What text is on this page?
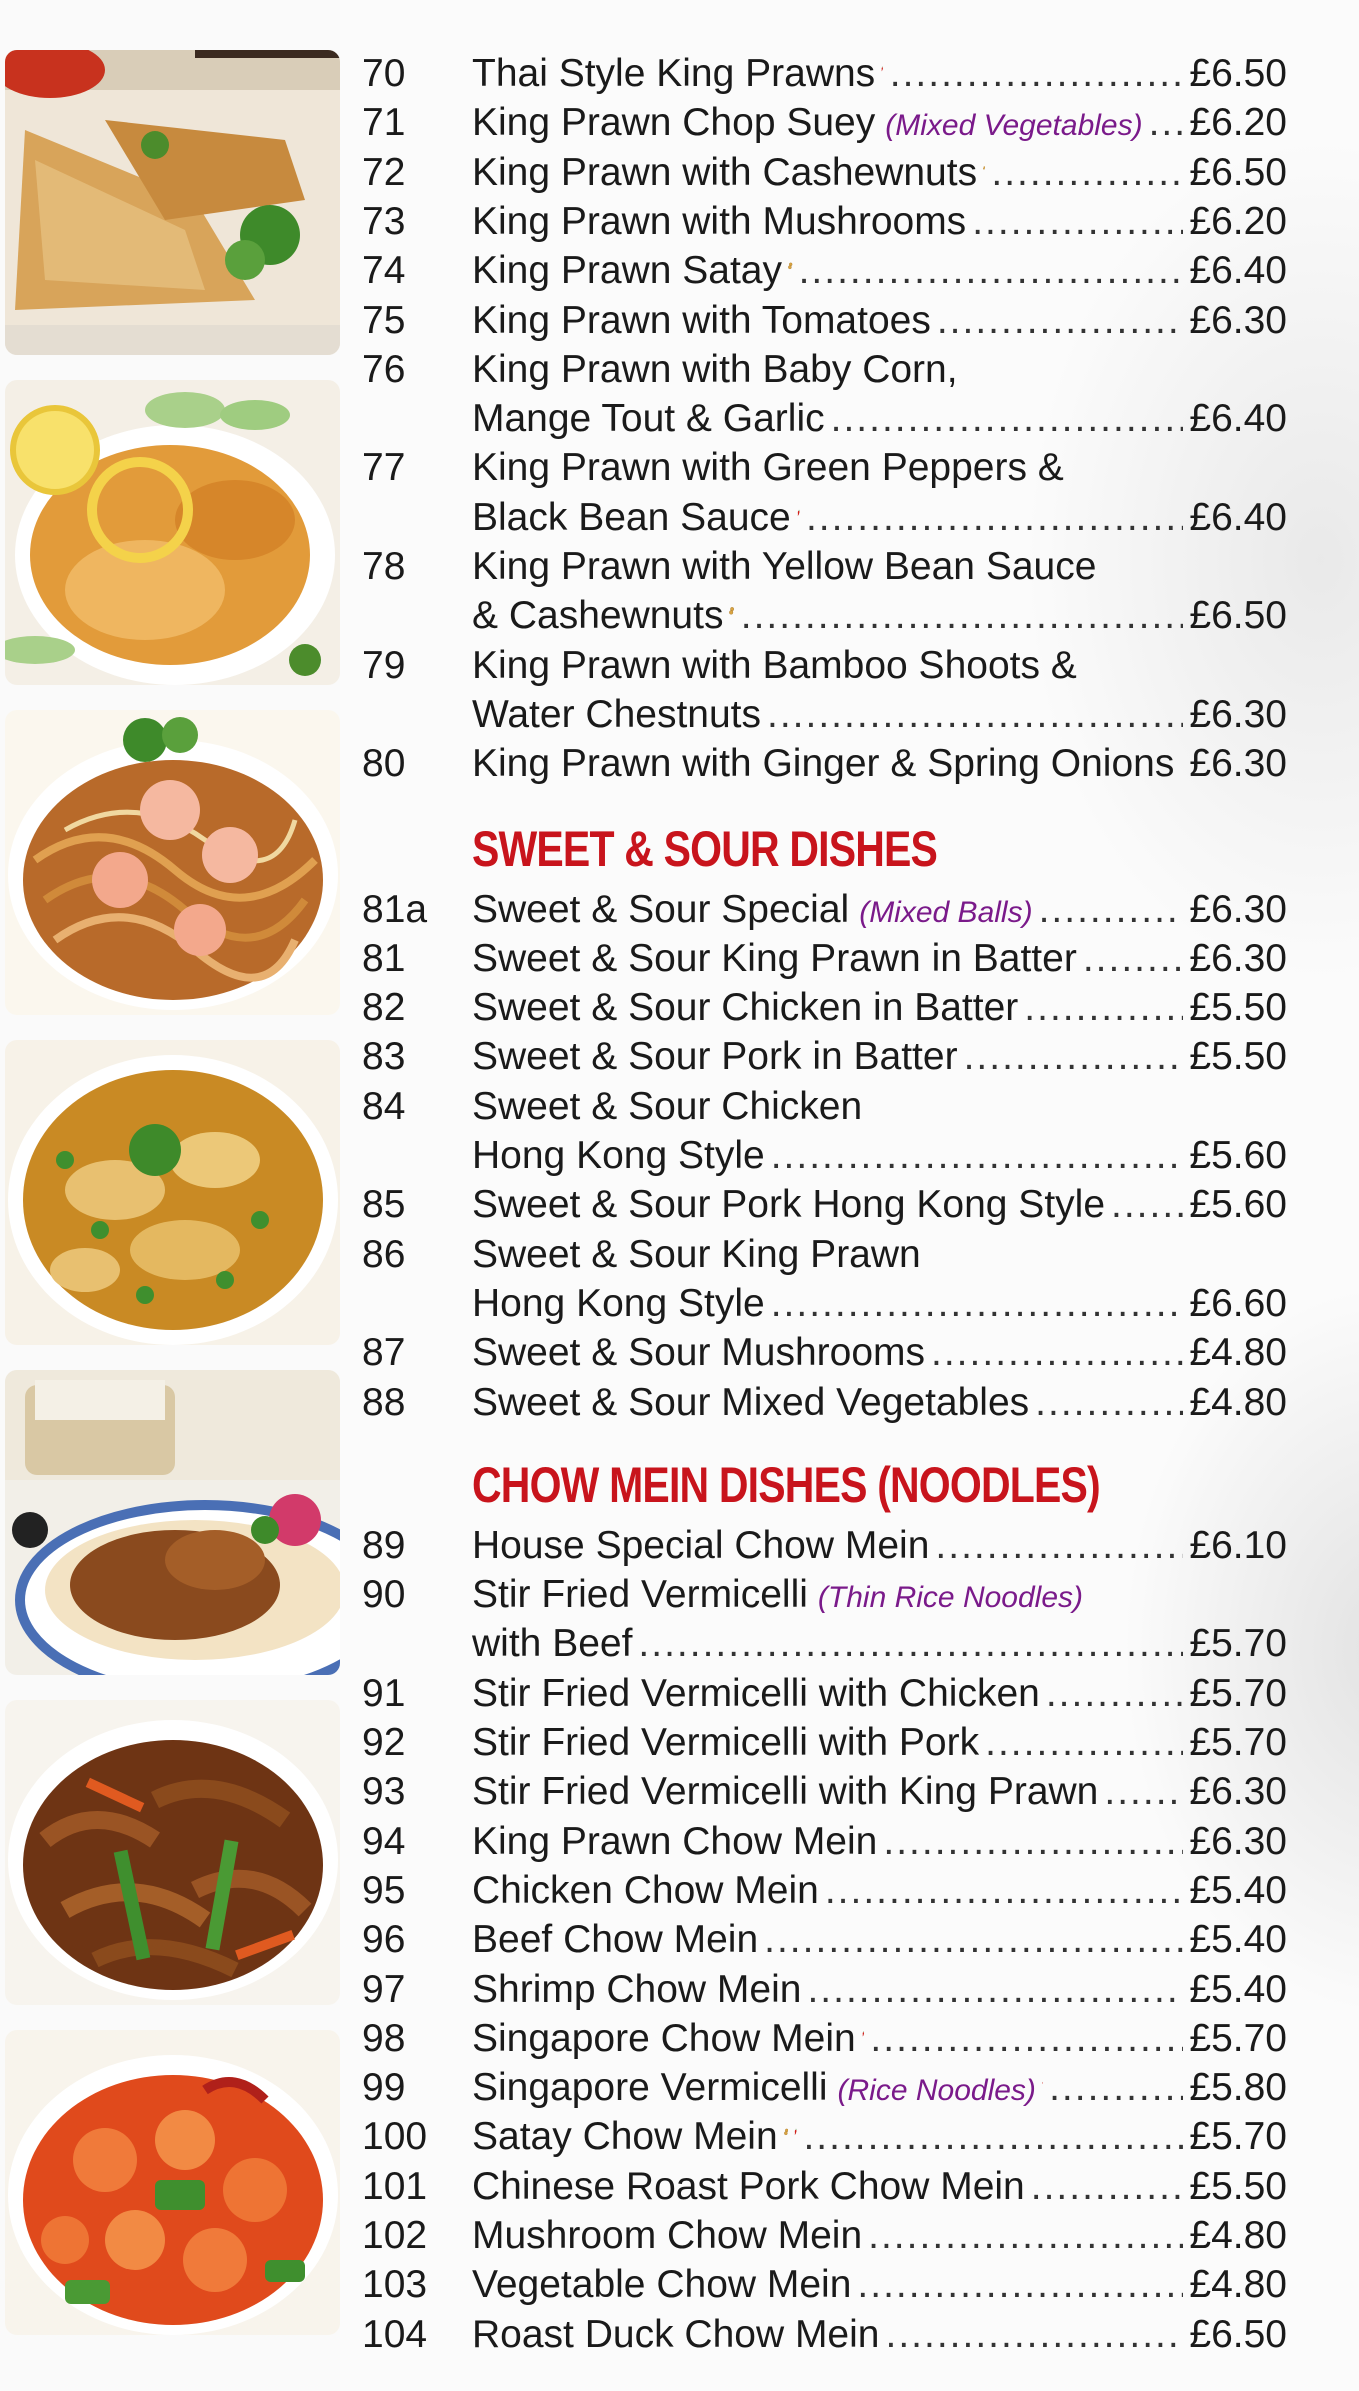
70	Thai Style King Prawns .....	£6.50
71	King Prawn Chop Suey (Mixed Vegetables) ..... £6.20
72	King Prawn with Cashewnuts .....	£6.50
73	King Prawn with Mushrooms .....	£6.20
74	King Prawn Satay .....	£6.40
75	King Prawn with Tomatoes .....	£6.30
76	King Prawn with Baby Corn,
Mange Tout & Garlic .....	£6.40
77	King Prawn with Green Peppers &
Black Bean Sauce .....	£6.40
78	King Prawn with Yellow Bean Sauce
& Cashewnuts .....	£6.50
79	King Prawn with Bamboo Shoots &
Water Chestnuts .....	£6.30
80	King Prawn with Ginger & Spring Onions ..... £6.30
SWEET & SOUR DISHES
81a	Sweet & Sour Special (Mixed Balls) .....	£6.30
81	Sweet & Sour King Prawn in Batter .....	£6.30
82	Sweet & Sour Chicken in Batter .....	£5.50
83	Sweet & Sour Pork in Batter .....	£5.50
84	Sweet & Sour Chicken
Hong Kong Style .....	£5.60
85	Sweet & Sour Pork Hong Kong Style ..... £5.60
86	Sweet & Sour King Prawn
Hong Kong Style .....	£6.60
87	Sweet & Sour Mushrooms .....	£4.80
88	Sweet & Sour Mixed Vegetables .....	£4.80
CHOW MEIN DISHES (NOODLES)
89	House Special Chow Mein .....	£6.10
90	Stir Fried Vermicelli (Thin Rice Noodles)
with Beef .....	£5.70
91	Stir Fried Vermicelli with Chicken .....	£5.70
92	Stir Fried Vermicelli with Pork .....	£5.70
93	Stir Fried Vermicelli with King Prawn ..... £6.30
94	King Prawn Chow Mein .....	£6.30
95	Chicken Chow Mein .....	£5.40
96	Beef Chow Mein .....	£5.40
97	Shrimp Chow Mein .....	£5.40
98	Singapore Chow Mein .....	£5.70
99	Singapore Vermicelli (Rice Noodles) .....	£5.80
100	Satay Chow Mein .....	£5.70
101	Chinese Roast Pork Chow Mein .....	£5.50
102	Mushroom Chow Mein .....	£4.80
103	Vegetable Chow Mein .....	£4.80
104	Roast Duck Chow Mein .....	£6.50
